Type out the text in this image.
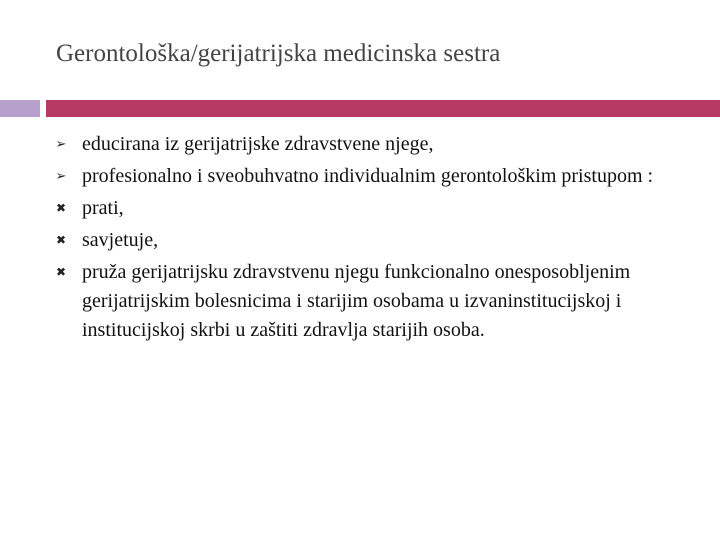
Gerontološka/gerijatrijska medicinska sestra
➢ educirana iz gerijatrijske zdravstvene njege,
➢ profesionalno i sveobuhvatno individualnim gerontološkim pristupom :
✖ prati,
✖ savjetuje,
✖ pruža gerijatrijsku zdravstvenu njegu funkcionalno onesposobljenim gerijatrijskim bolesnicima i starijim osobama u izvaninstitucijskoj i institucijskoj skrbi u zaštiti zdravlja starijih osoba.
